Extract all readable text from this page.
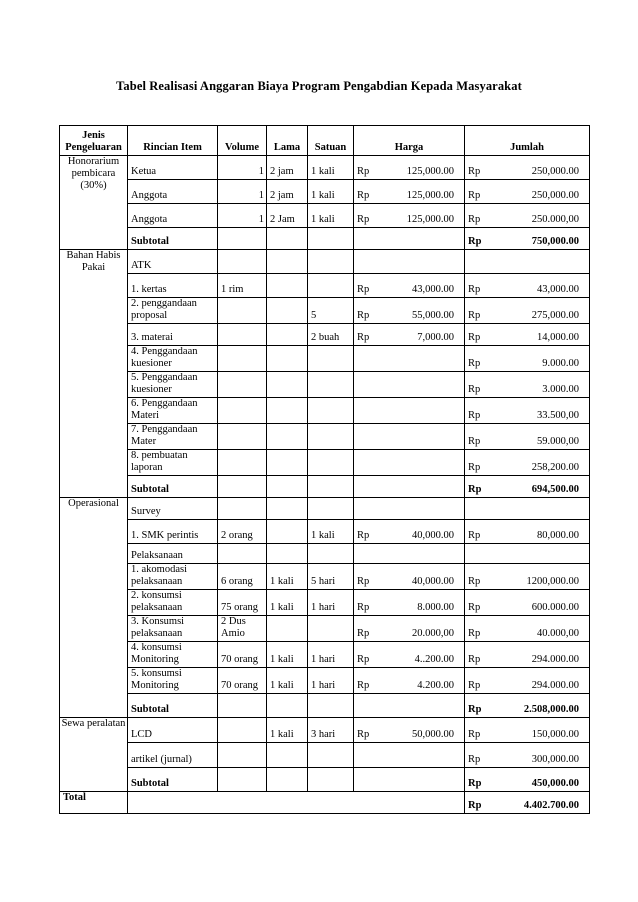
Tabel Realisasi Anggaran Biaya Program Pengabdian Kepada Masyarakat
Jenis Pengeluaran	Rincian Item	Volume	Lama	Satuan	Harga	Jumlah
Honorarium pembicara (30%)	Ketua	1	2 jam	1 kali	Rp 125,000.00	Rp 250,000.00

	Anggota	1	2 jam	1 kali	Rp 125,000.00	Rp 250,000.00

	Anggota	1	2 Jam	1 kali	Rp 125,000.00	Rp 250.000,00

	Subtotal					Rp 750,000.00

Bahan Habis Pakai	ATK					
	1. kertas	1 rim			Rp 43,000.00	Rp 43,000.00

	2. penggandaan proposal			5	Rp 55,000.00	Rp 275,000.00

	3. materai			2 buah	Rp 7,000.00	Rp 14,000.00

	4. Penggandaan kuesioner					Rp 9.000.00

	5. Penggandaan kuesioner					Rp 3.000.00

	6. Penggandaan Materi					Rp 33.500,00

	7. Penggandaan Mater					Rp 59.000,00

	8. pembuatan laporan					Rp 258,200.00

	Subtotal					Rp 694,500.00

Operasional	Survey					
	1. SMK perintis	2 orang		1 kali	Rp 40,000.00	Rp 80,000.00

	Pelaksanaan					
	1. akomodasi pelaksanaan	6 orang	1 kali	5 hari	Rp 40,000.00	Rp 1200,000.00

	2. konsumsi pelaksanaan	75 orang	1 kali	1 hari	Rp 8.000.00	Rp 600.000.00

	3. Konsumsi pelaksanaan	2 Dus Amio			Rp 20.000,00	Rp 40.000,00

	4. konsumsi Monitoring	70 orang	1 kali	1 hari	Rp 4..200.00	Rp 294.000.00

	5. konsumsi Monitoring	70 orang	1 kali	1 hari	Rp 4.200.00	Rp 294.000.00

	Subtotal					Rp 2.508,000.00

Sewa peralatan	LCD		1 kali	3 hari	Rp 50,000.00	Rp 150,000.00

	artikel (jurnal)					Rp 300,000.00

	Subtotal					Rp 450,000.00

Total						Rp 4.402.700.00
